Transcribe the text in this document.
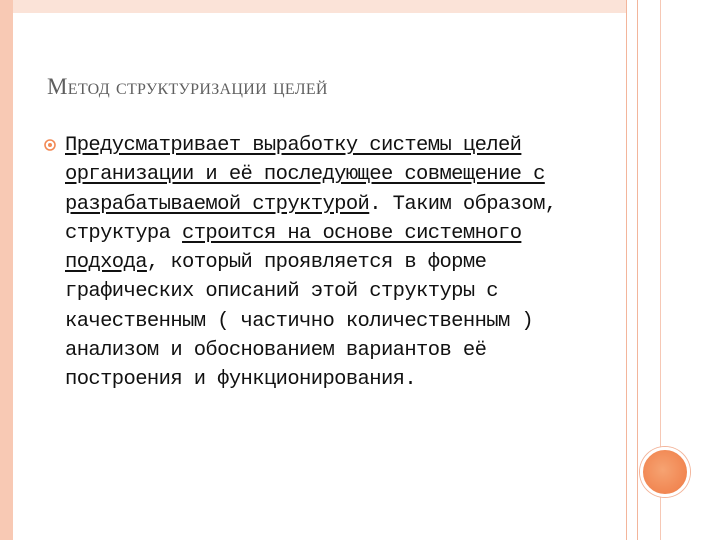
Метод структуризации целей
Предусматривает выработку системы целей организации и её последующее совмещение с разрабатываемой структурой. Таким образом, структура строится на основе системного подхода, который проявляется в форме графических описаний этой структуры с качественным ( частично количественным ) анализом и обоснованием вариантов её построения и функционирования.
